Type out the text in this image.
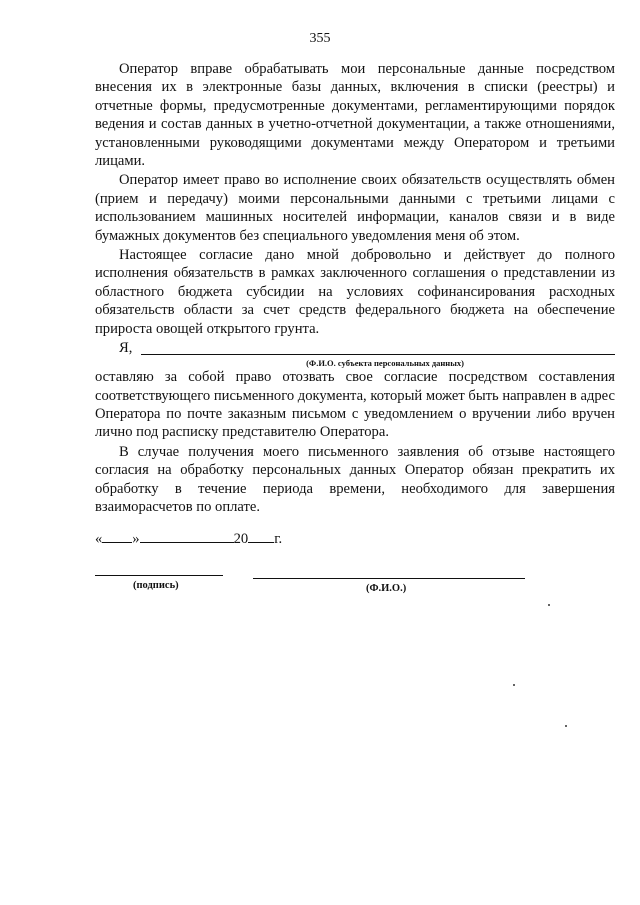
355

Оператор вправе обрабатывать мои персональные данные посредством внесения их в электронные базы данных, включения в списки (реестры) и отчетные формы, предусмотренные документами, регламентирующими порядок ведения и состав данных в учетно-отчетной документации, а также отношениями, установленными руководящими документами между Оператором и третьими лицами.

Оператор имеет право во исполнение своих обязательств осуществлять обмен (прием и передачу) моими персональными данными с третьими лицами с использованием машинных носителей информации, каналов связи и в виде бумажных документов без специального уведомления меня об этом.

Настоящее согласие дано мной добровольно и действует до полного исполнения обязательств в рамках заключенного соглашения о представлении из областного бюджета субсидии на условиях софинансирования расходных обязательств области за счет средств федерального бюджета на обеспечение прироста овощей открытого грунта.

Я,
(Ф.И.О. субъекта персональных данных)

оставляю за собой право отозвать свое согласие посредством составления соответствующего письменного документа, который может быть направлен в адрес Оператора по почте заказным письмом с уведомлением о вручении либо вручен лично под расписку представителю Оператора.

В случае получения моего письменного заявления об отзыве настоящего согласия на обработку персональных данных Оператор обязан прекратить их обработку в течение периода времени, необходимого для завершения взаиморасчетов по оплате.

« »	20 г.
(подпись)	(Ф.И.О.)
